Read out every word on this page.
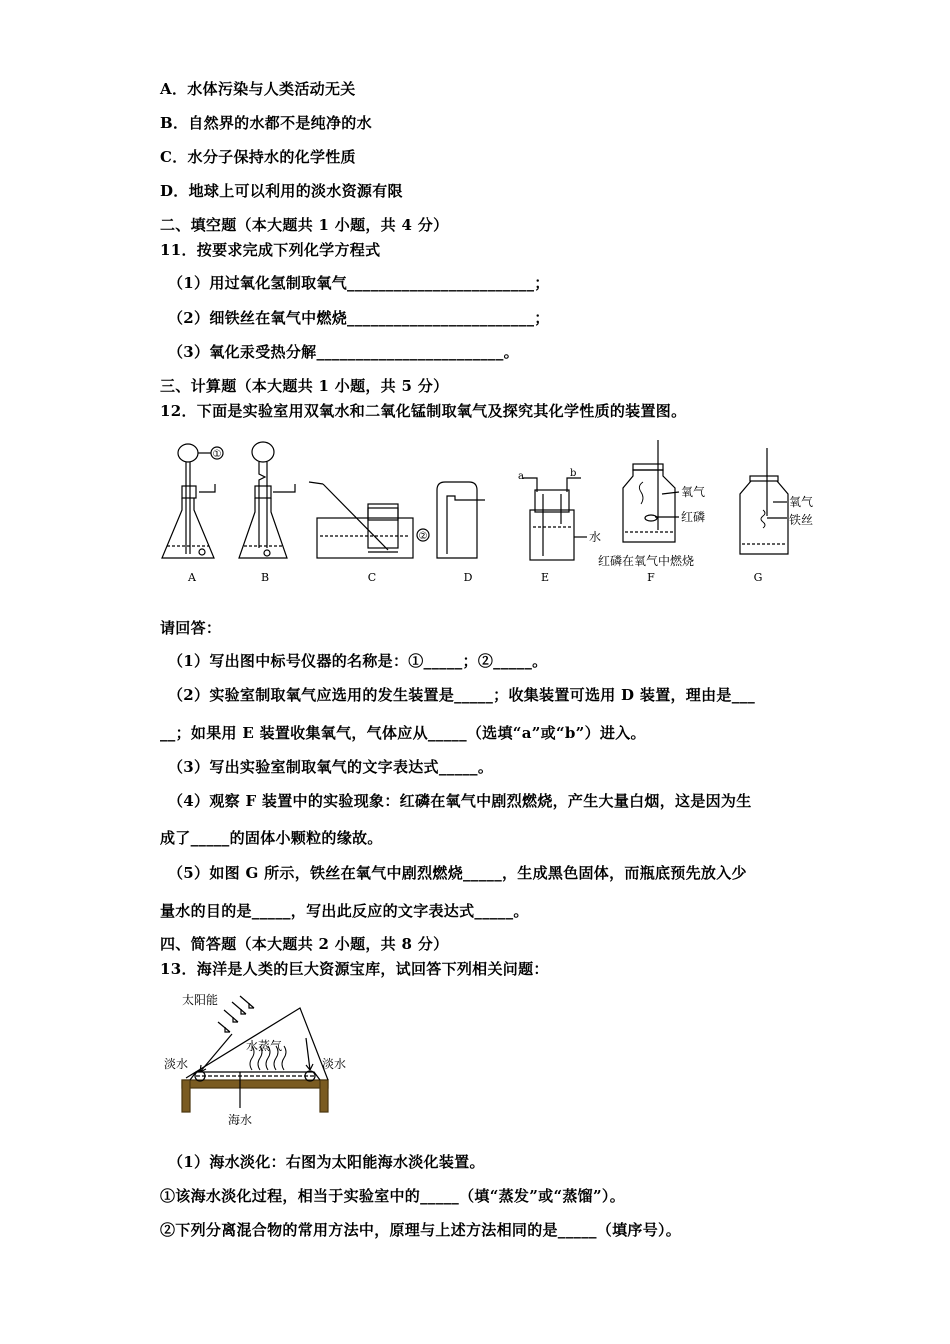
A．水体污染与人类活动无关
B．自然界的水都不是纯净的水
C．水分子保持水的化学性质
D．地球上可以利用的淡水资源有限
二、填空题（本大题共 1 小题，共 4 分）
11．按要求完成下列化学方程式
（1）用过氧化氢制取氧气________________________；
（2）细铁丝在氧气中燃烧________________________；
（3）氧化汞受热分解________________________。
三、计算题（本大题共 1 小题，共 5 分）
12．下面是实验室用双氧水和二氧化锰制取氧气及探究其化学性质的装置图。
①
②
a	b
水
氧气
红磷
红磷在氧气中燃烧
氧气
铁丝
A	B	C	D	E	F	G
请回答：
（1）写出图中标号仪器的名称是：①_____；②_____。
（2）实验室制取氧气应选用的发生装置是_____；收集装置可选用 D 装置，理由是___
__；如果用 E 装置收集氧气，气体应从_____（选填“a”或“b”）进入。
（3）写出实验室制取氧气的文字表达式_____。
（4）观察 F 装置中的实验现象：红磷在氧气中剧烈燃烧，产生大量白烟，这是因为生
成了_____的固体小颗粒的缘故。
（5）如图 G 所示，铁丝在氧气中剧烈燃烧_____，生成黑色固体，而瓶底预先放入少
量水的目的是_____，写出此反应的文字表达式_____。
四、简答题（本大题共 2 小题，共 8 分）
13．海洋是人类的巨大资源宝库，试回答下列相关问题：
太阳能
水蒸气
淡水	淡水
海水
（1）海水淡化：右图为太阳能海水淡化装置。
①该海水淡化过程，相当于实验室中的_____（填“蒸发”或“蒸馏”）。
②下列分离混合物的常用方法中，原理与上述方法相同的是_____（填序号）。
